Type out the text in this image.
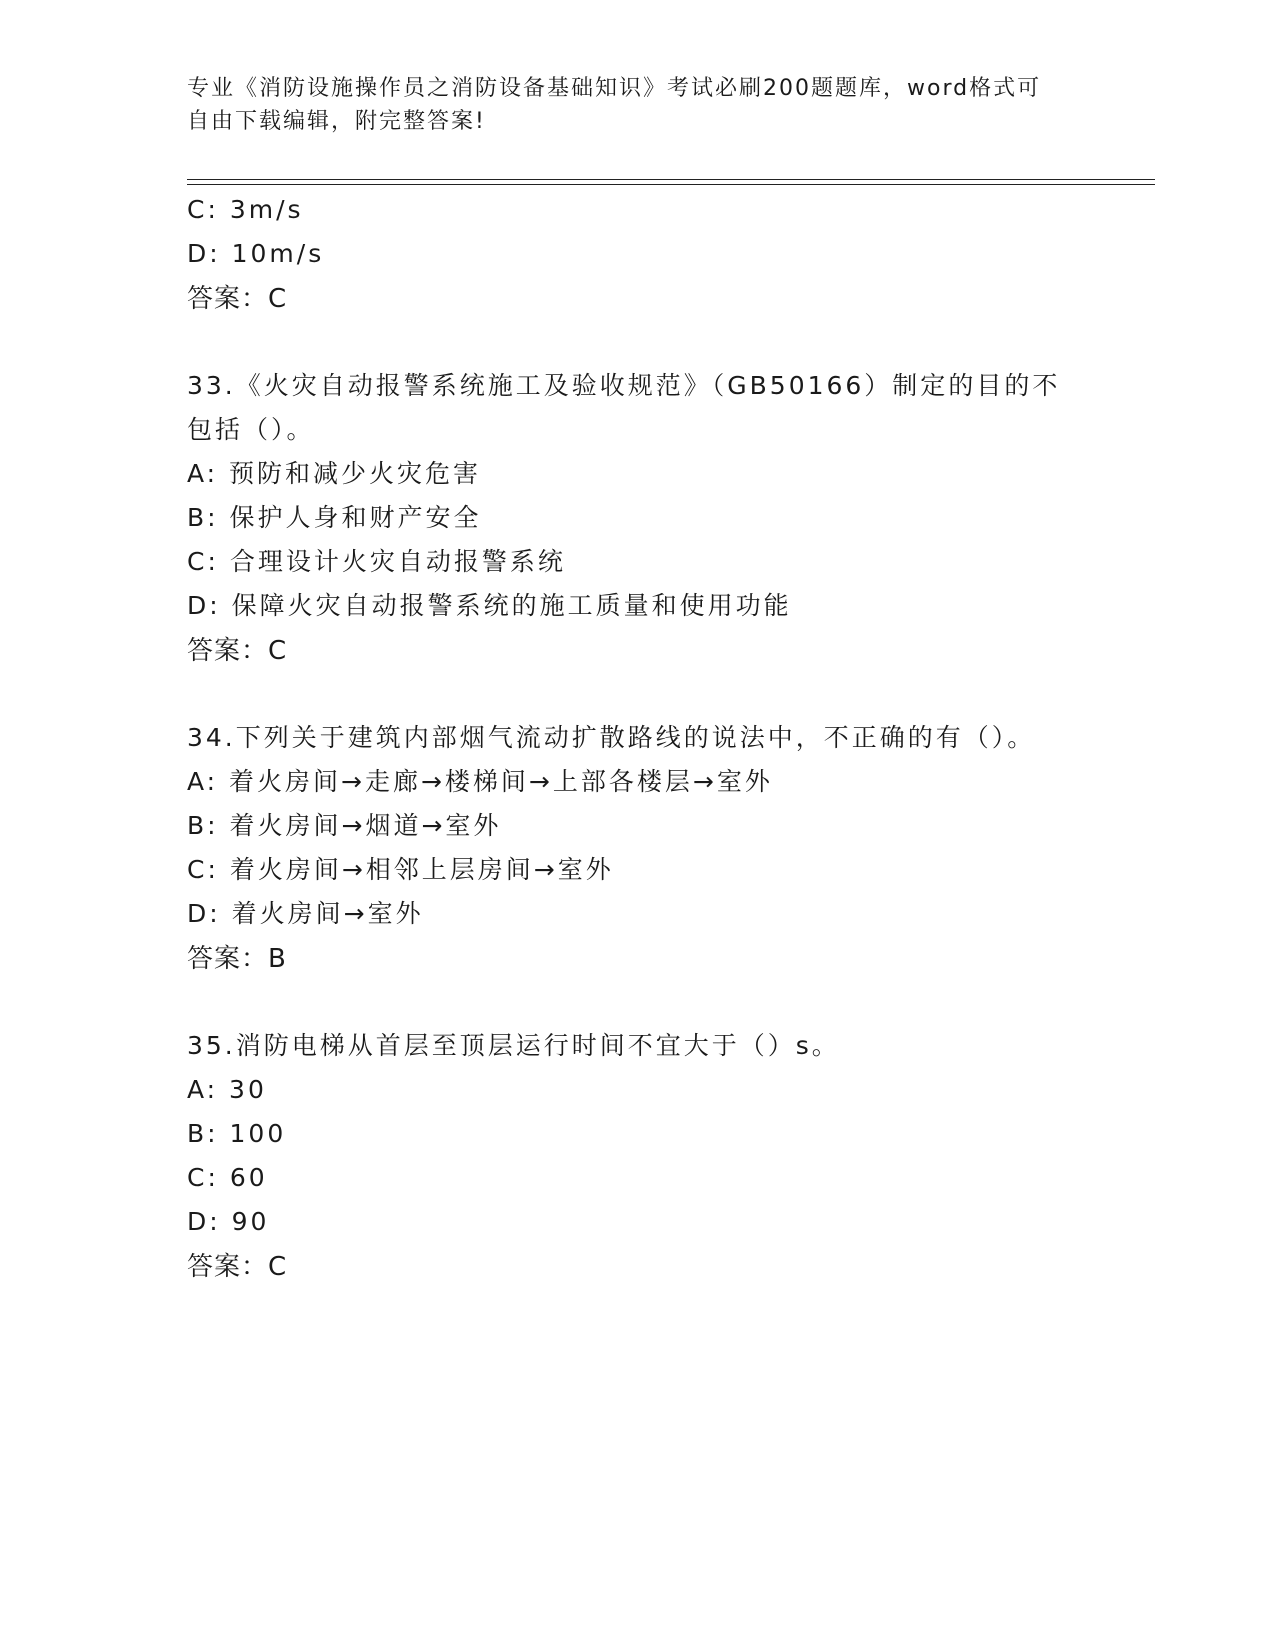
专业《消防设施操作员之消防设备基础知识》考试必刷200题题库，word格式可
自由下载编辑，附完整答案!
C: 3m/s
D: 10m/s
答案：C
33.《火灾自动报警系统施工及验收规范》（GB50166）制定的目的不
包括（）。
A: 预防和减少火灾危害
B: 保护人身和财产安全
C: 合理设计火灾自动报警系统
D: 保障火灾自动报警系统的施工质量和使用功能
答案：C
34.下列关于建筑内部烟气流动扩散路线的说法中，不正确的有（）。
A: 着火房间→走廊→楼梯间→上部各楼层→室外
B: 着火房间→烟道→室外
C: 着火房间→相邻上层房间→室外
D: 着火房间→室外
答案：B
35.消防电梯从首层至顶层运行时间不宜大于（）s。
A: 30
B: 100
C: 60
D: 90
答案：C
